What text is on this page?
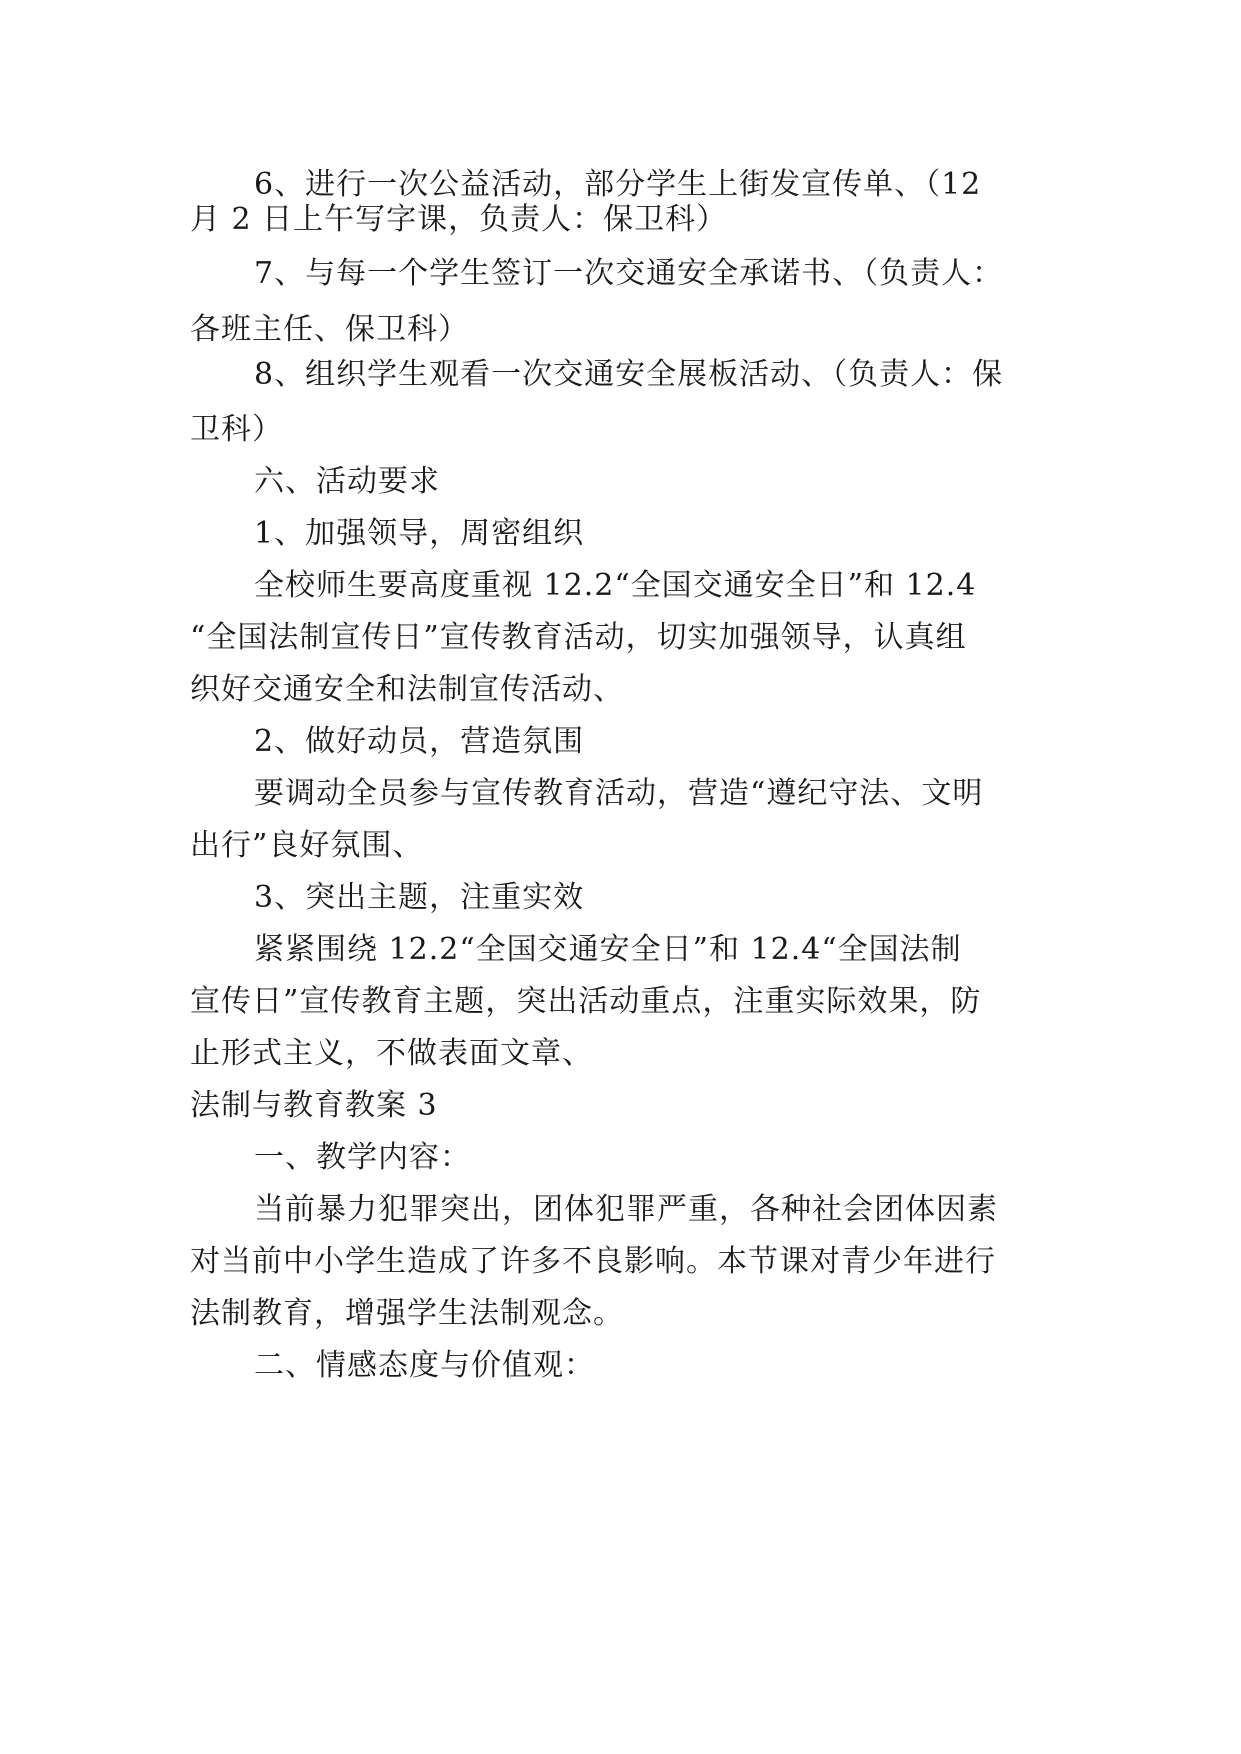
6、进行一次公益活动，部分学生上街发宣传单、（12
月 2 日上午写字课，负责人：保卫科）
7、与每一个学生签订一次交通安全承诺书、（负责人：
各班主任、保卫科）
8、组织学生观看一次交通安全展板活动、（负责人：保
卫科）
六、活动要求
1、加强领导，周密组织
全校师生要高度重视 12.2“全国交通安全日”和 12.4
“全国法制宣传日”宣传教育活动，切实加强领导，认真组
织好交通安全和法制宣传活动、
2、做好动员，营造氛围
要调动全员参与宣传教育活动，营造“遵纪守法、文明
出行”良好氛围、
3、突出主题，注重实效
紧紧围绕 12.2“全国交通安全日”和 12.4“全国法制
宣传日”宣传教育主题，突出活动重点，注重实际效果，防
止形式主义，不做表面文章、
法制与教育教案 3
一、教学内容：
当前暴力犯罪突出，团体犯罪严重，各种社会团体因素
对当前中小学生造成了许多不良影响。本节课对青少年进行
法制教育，增强学生法制观念。
二、情感态度与价值观：
